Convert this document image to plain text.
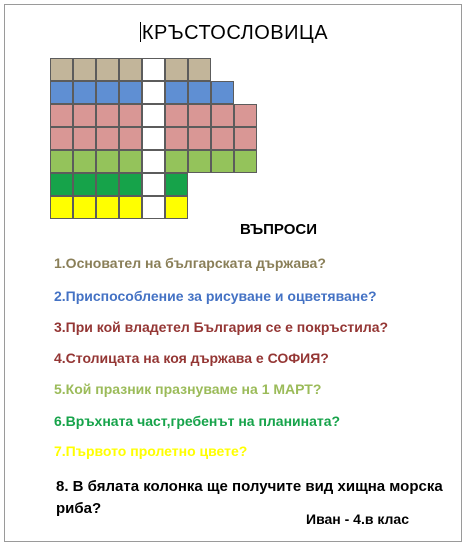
КРЪСТОСЛОВИЦА
ВЪПРОСИ
1.Основател на българската държава?
2.Приспособление за рисуване и оцветяване?
3.При кой владетел България се е покръстила?
4.Столицата на коя държава е СОФИЯ?
5.Кой празник празнуваме на 1 МАРТ?
6.Връхната част,гребенът на планината?
7.Първото пролетно цвете?
8. В бялата колонка ще получите вид хищна морска риба?
Иван - 4.в клас
